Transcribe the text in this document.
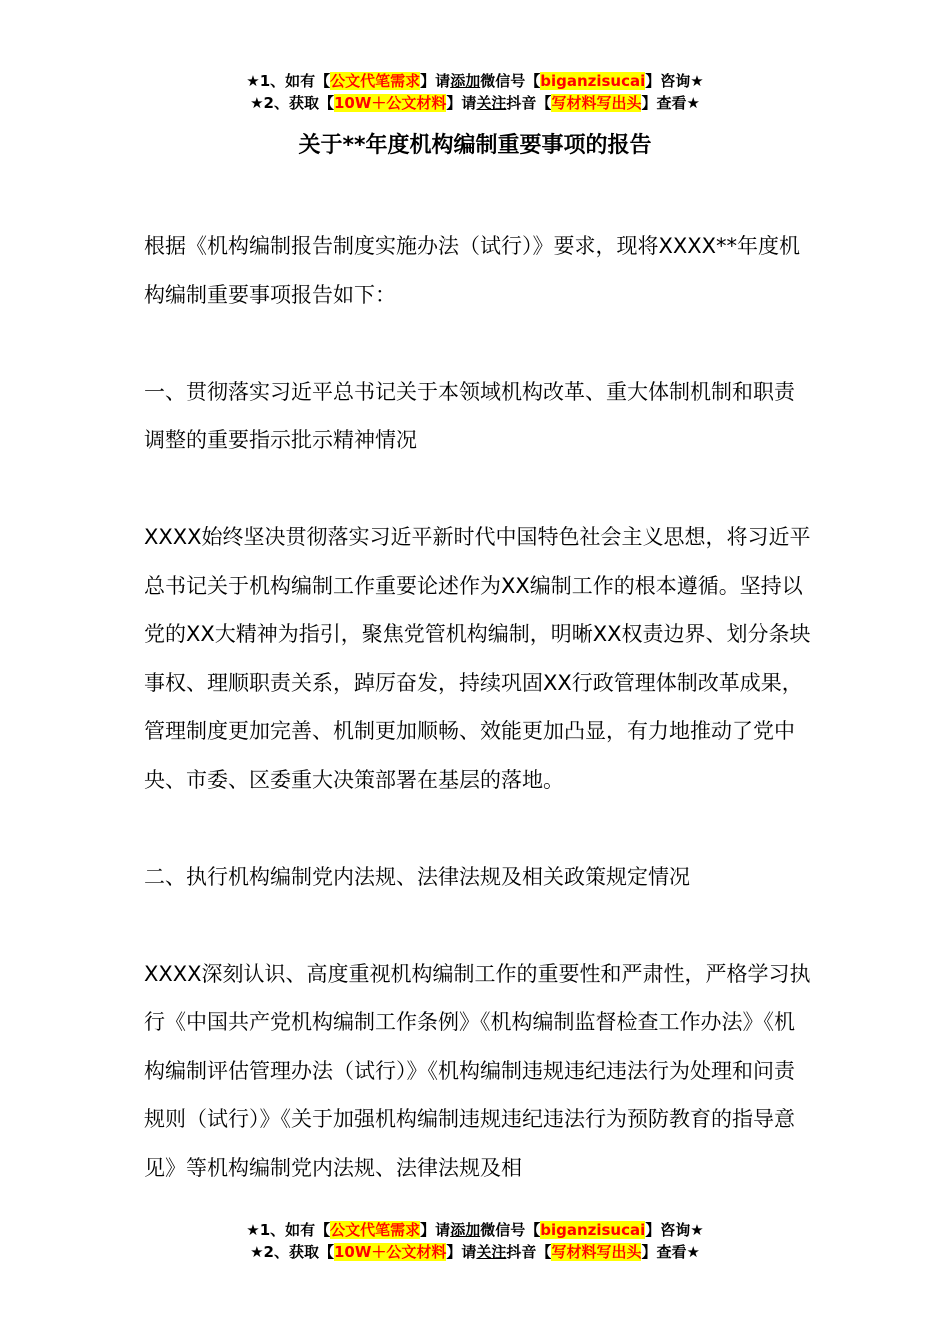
★1、如有【公文代笔需求】请添加微信号【biganzisucai】咨询★
★2、获取【10W＋公文材料】请关注抖音【写材料写出头】查看★
关于**年度机构编制重要事项的报告

根据《机构编制报告制度实施办法（试行）》要求，现将XXXX**年度机构编制重要事项报告如下：

一、贯彻落实习近平总书记关于本领域机构改革、重大体制机制和职责调整的重要指示批示精神情况

XXXX始终坚决贯彻落实习近平新时代中国特色社会主义思想，将习近平总书记关于机构编制工作重要论述作为XX编制工作的根本遵循。坚持以党的XX大精神为指引，聚焦党管机构编制，明晰XX权责边界、划分条块事权、理顺职责关系，踔厉奋发，持续巩固XX行政管理体制改革成果，管理制度更加完善、机制更加顺畅、效能更加凸显，有力地推动了党中央、市委、区委重大决策部署在基层的落地。

二、执行机构编制党内法规、法律法规及相关政策规定情况

XXXX深刻认识、高度重视机构编制工作的重要性和严肃性，严格学习执行《中国共产党机构编制工作条例》《机构编制监督检查工作办法》《机构编制评估管理办法（试行）》《机构编制违规违纪违法行为处理和问责规则（试行）》《关于加强机构编制违规违纪违法行为预防教育的指导意见》等机构编制党内法规、法律法规及相

★1、如有【公文代笔需求】请添加微信号【biganzisucai】咨询★
★2、获取【10W＋公文材料】请关注抖音【写材料写出头】查看★
